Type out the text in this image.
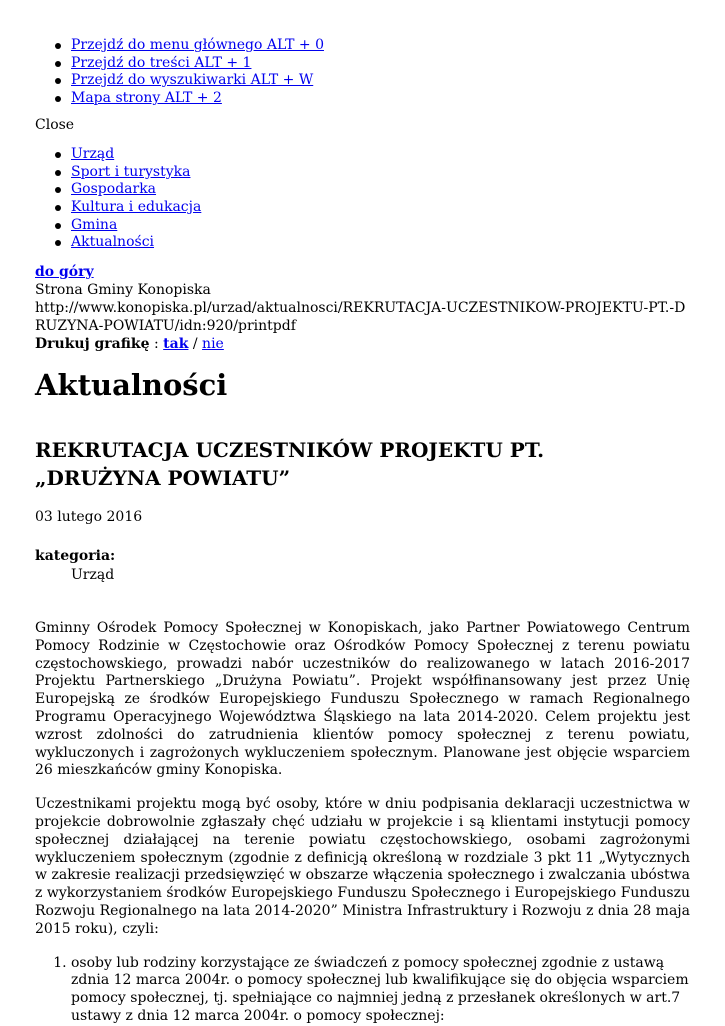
Przejdź do menu głównego ALT + 0
Przejdź do treści ALT + 1
Przejdź do wyszukiwarki ALT + W
Mapa strony ALT + 2
Close
Urząd
Sport i turystyka
Gospodarka
Kultura i edukacja
Gmina
Aktualności
do góry
Strona Gminy Konopiska
http://www.konopiska.pl/urzad/aktualnosci/REKRUTACJA-UCZESTNIKOW-PROJEKTU-PT.-DRUZYNA-POWIATU/idn:920/printpdf
Drukuj grafikę : tak / nie
Aktualności
REKRUTACJA UCZESTNIKÓW PROJEKTU PT. „DRUŻYNA POWIATU”
03 lutego 2016
kategoria:
Urząd

Gminny Ośrodek Pomocy Społecznej w Konopiskach, jako Partner Powiatowego Centrum Pomocy Rodzinie w Częstochowie oraz Ośrodków Pomocy Społecznej z terenu powiatu częstochowskiego, prowadzi nabór uczestników do realizowanego w latach 2016-2017 Projektu Partnerskiego „Drużyna Powiatu”. Projekt współfinansowany jest przez Unię Europejską ze środków Europejskiego Funduszu Społecznego w ramach Regionalnego Programu Operacyjnego Województwa Śląskiego na lata 2014-2020. Celem projektu jest wzrost zdolności do zatrudnienia klientów pomocy społecznej z terenu powiatu, wykluczonych i zagrożonych wykluczeniem społecznym. Planowane jest objęcie wsparciem 26 mieszkańców gminy Konopiska.

Uczestnikami projektu mogą być osoby, które w dniu podpisania deklaracji uczestnictwa w projekcie dobrowolnie zgłaszały chęć udziału w projekcie i są klientami instytucji pomocy społecznej działającej na terenie powiatu częstochowskiego, osobami zagrożonymi wykluczeniem społecznym (zgodnie z definicją określoną w rozdziale 3 pkt 11 „Wytycznych w zakresie realizacji przedsięwzięć w obszarze włączenia społecznego i zwalczania ubóstwa z wykorzystaniem środków Europejskiego Funduszu Społecznego i Europejskiego Funduszu Rozwoju Regionalnego na lata 2014-2020” Ministra Infrastruktury i Rozwoju z dnia 28 maja 2015 roku), czyli:

1. osoby lub rodziny korzystające ze świadczeń z pomocy społecznej zgodnie z ustawą zdnia 12 marca 2004r. o pomocy społecznej lub kwalifikujące się do objęcia wsparciem pomocy społecznej, tj. spełniające co najmniej jedną z przesłanek określonych w art.7 ustawy z dnia 12 marca 2004r. o pomocy społecznej:
